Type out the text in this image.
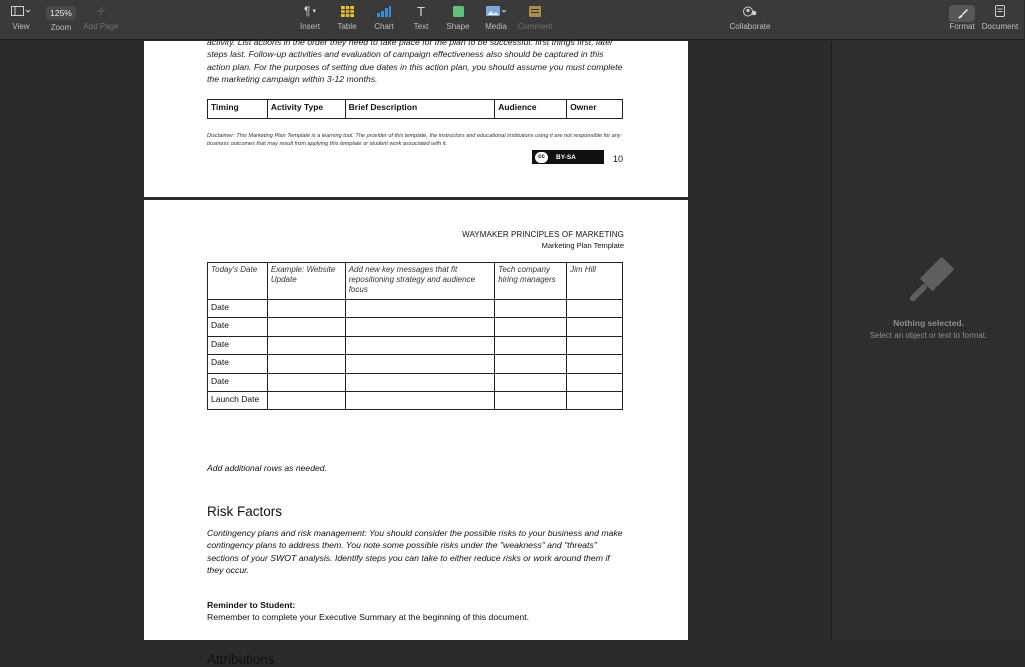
View
125%
Zoom Add Page
¶ ▾
Insert Table Chart
T
Text Shape Media Comment	Collaborate	Format Document
activity. List actions in the order they need to take place for the plan to be successful: first things first, later steps last. Follow-up activities and evaluation of campaign effectiveness also should be captured in this action plan. For the purposes of setting due dates in this action plan, you should assume you must complete the marketing campaign within 3-12 months.
Timing	Activity Type	Brief Description	Audience	Owner
Disclaimer: This Marketing Plan Template is a learning tool. The provider of this template, the instructors and educational institutions using it are not responsible for any business outcomes that may result from applying this template or student work associated with it.
cc	BY-SA	10
WAYMAKER PRINCIPLES OF MARKETING
Marketing Plan Template
Today's Date	Example: Website Update	Add new key messages that fit repositioning strategy and audience focus	Tech company hiring managers	Jim Hill
Date				
Date				
Date				
Date				
Date				
Launch Date				
Add additional rows as needed.
Risk Factors
Contingency plans and risk management: You should consider the possible risks to your business and make contingency plans to address them. You note some possible risks under the "weakness" and "threats" sections of your SWOT analysis. Identify steps you can take to either reduce risks or work around them if they occur.
Reminder to Student:
Remember to complete your Executive Summary at the beginning of this document.
Attributions
Nothing selected.
Select an object or text to format.
